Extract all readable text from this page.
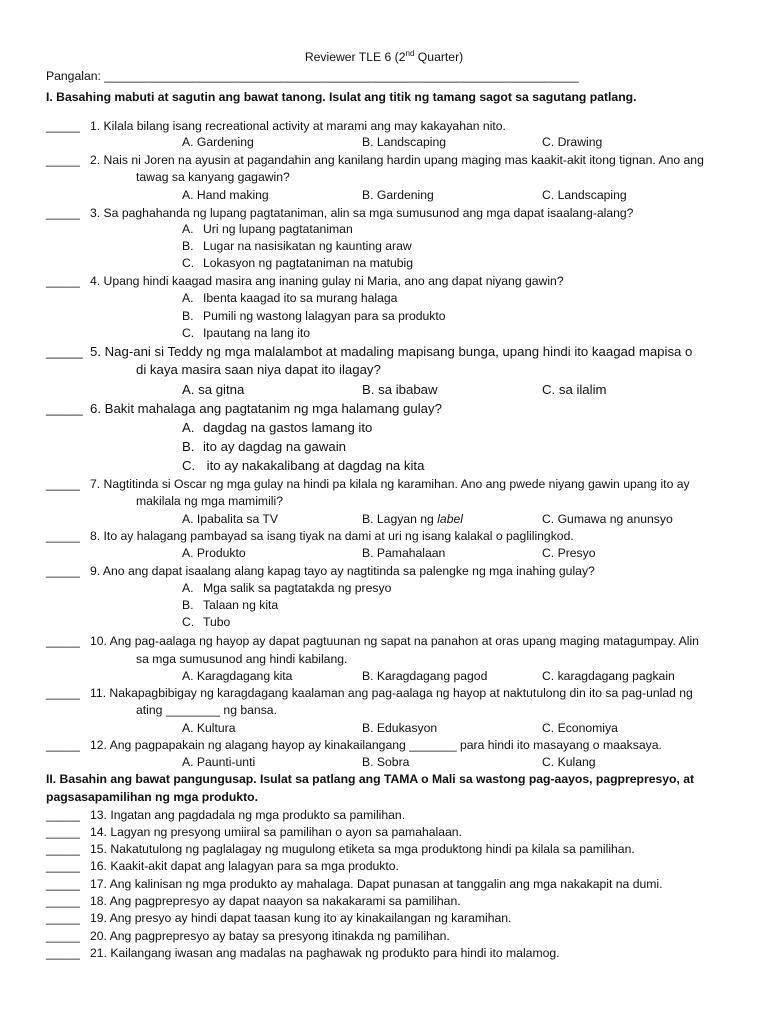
Reviewer TLE 6 (2nd Quarter)
Pangalan: ______________________________________________________________________
I. Basahing mabuti at sagutin ang bawat tanong. Isulat ang titik ng tamang sagot sa sagutang patlang.
_____ 1. Kilala bilang isang recreational activity at marami ang may kakayahan nito.
A. Gardening	B. Landscaping	C. Drawing
_____ 2. Nais ni Joren na ayusin at pagandahin ang kanilang hardin upang maging mas kaakit-akit itong tignan. Ano ang
tawag sa kanyang gagawin?
A. Hand making	B. Gardening	C. Landscaping
_____ 3. Sa paghahanda ng lupang pagtataniman, alin sa mga sumusunod ang mga dapat isaalang-alang?
A. Uri ng lupang pagtataniman
B. Lugar na nasisikatan ng kaunting araw
C. Lokasyon ng pagtataniman na matubig
_____ 4. Upang hindi kaagad masira ang inaning gulay ni Maria, ano ang dapat niyang gawin?
A. Ibenta kaagad ito sa murang halaga
B. Pumili ng wastong lalagyan para sa produkto
C. Ipautang na lang ito
_____ 5. Nag-ani si Teddy ng mga malalambot at madaling mapisang bunga, upang hindi ito kaagad mapisa o
di kaya masira saan niya dapat ito ilagay?
A. sa gitna	B. sa ibabaw	C. sa ilalim
_____ 6. Bakit mahalaga ang pagtatanim ng mga halamang gulay?
A. dagdag na gastos lamang ito
B. ito ay dagdag na gawain
C. ito ay nakakalibang at dagdag na kita
_____ 7. Nagtitinda si Oscar ng mga gulay na hindi pa kilala ng karamihan. Ano ang pwede niyang gawin upang ito ay
makilala ng mga mamimili?
A. Ipabalita sa TV	B. Lagyan ng label	C. Gumawa ng anunsyo
_____ 8. Ito ay halagang pambayad sa isang tiyak na dami at uri ng isang kalakal o paglilingkod.
A. Produkto	B. Pamahalaan	C. Presyo
_____ 9. Ano ang dapat isaalang alang kapag tayo ay nagtitinda sa palengke ng mga inahing gulay?
A. Mga salik sa pagtatakda ng presyo
B. Talaan ng kita
C. Tubo
_____ 10. Ang pag-aalaga ng hayop ay dapat pagtuunan ng sapat na panahon at oras upang maging matagumpay. Alin
sa mga sumusunod ang hindi kabilang.
A. Karagdagang kita	B. Karagdagang pagod	C. karagdagang pagkain
_____ 11. Nakapagbibigay ng karagdagang kaalaman ang pag-aalaga ng hayop at naktutulong din ito sa pag-unlad ng
ating ________ ng bansa.
A. Kultura	B. Edukasyon	C. Economiya
_____ 12. Ang pagpapakain ng alagang hayop ay kinakailangang _______ para hindi ito masayang o maaksaya.
A. Paunti-unti	B. Sobra	C. Kulang
II. Basahin ang bawat pangungusap. Isulat sa patlang ang TAMA o Mali sa wastong pag-aayos, pagprepresyo, at
pagsasapamilihan ng mga produkto.
_____ 13. Ingatan ang pagdadala ng mga produkto sa pamilihan.
_____ 14. Lagyan ng presyong umiiral sa pamilihan o ayon sa pamahalaan.
_____ 15. Nakatutulong ng paglalagay ng mugulong etiketa sa mga produktong hindi pa kilala sa pamilihan.
_____ 16. Kaakit-akit dapat ang lalagyan para sa mga produkto.
_____ 17. Ang kalinisan ng mga produkto ay mahalaga. Dapat punasan at tanggalin ang mga nakakapit na dumi.
_____ 18. Ang pagprepresyo ay dapat naayon sa nakakarami sa pamilihan.
_____ 19. Ang presyo ay hindi dapat taasan kung ito ay kinakailangan ng karamihan.
_____ 20. Ang pagprepresyo ay batay sa presyong itinakda ng pamilihan.
_____ 21. Kailangang iwasan ang madalas na paghawak ng produkto para hindi ito malamog.
